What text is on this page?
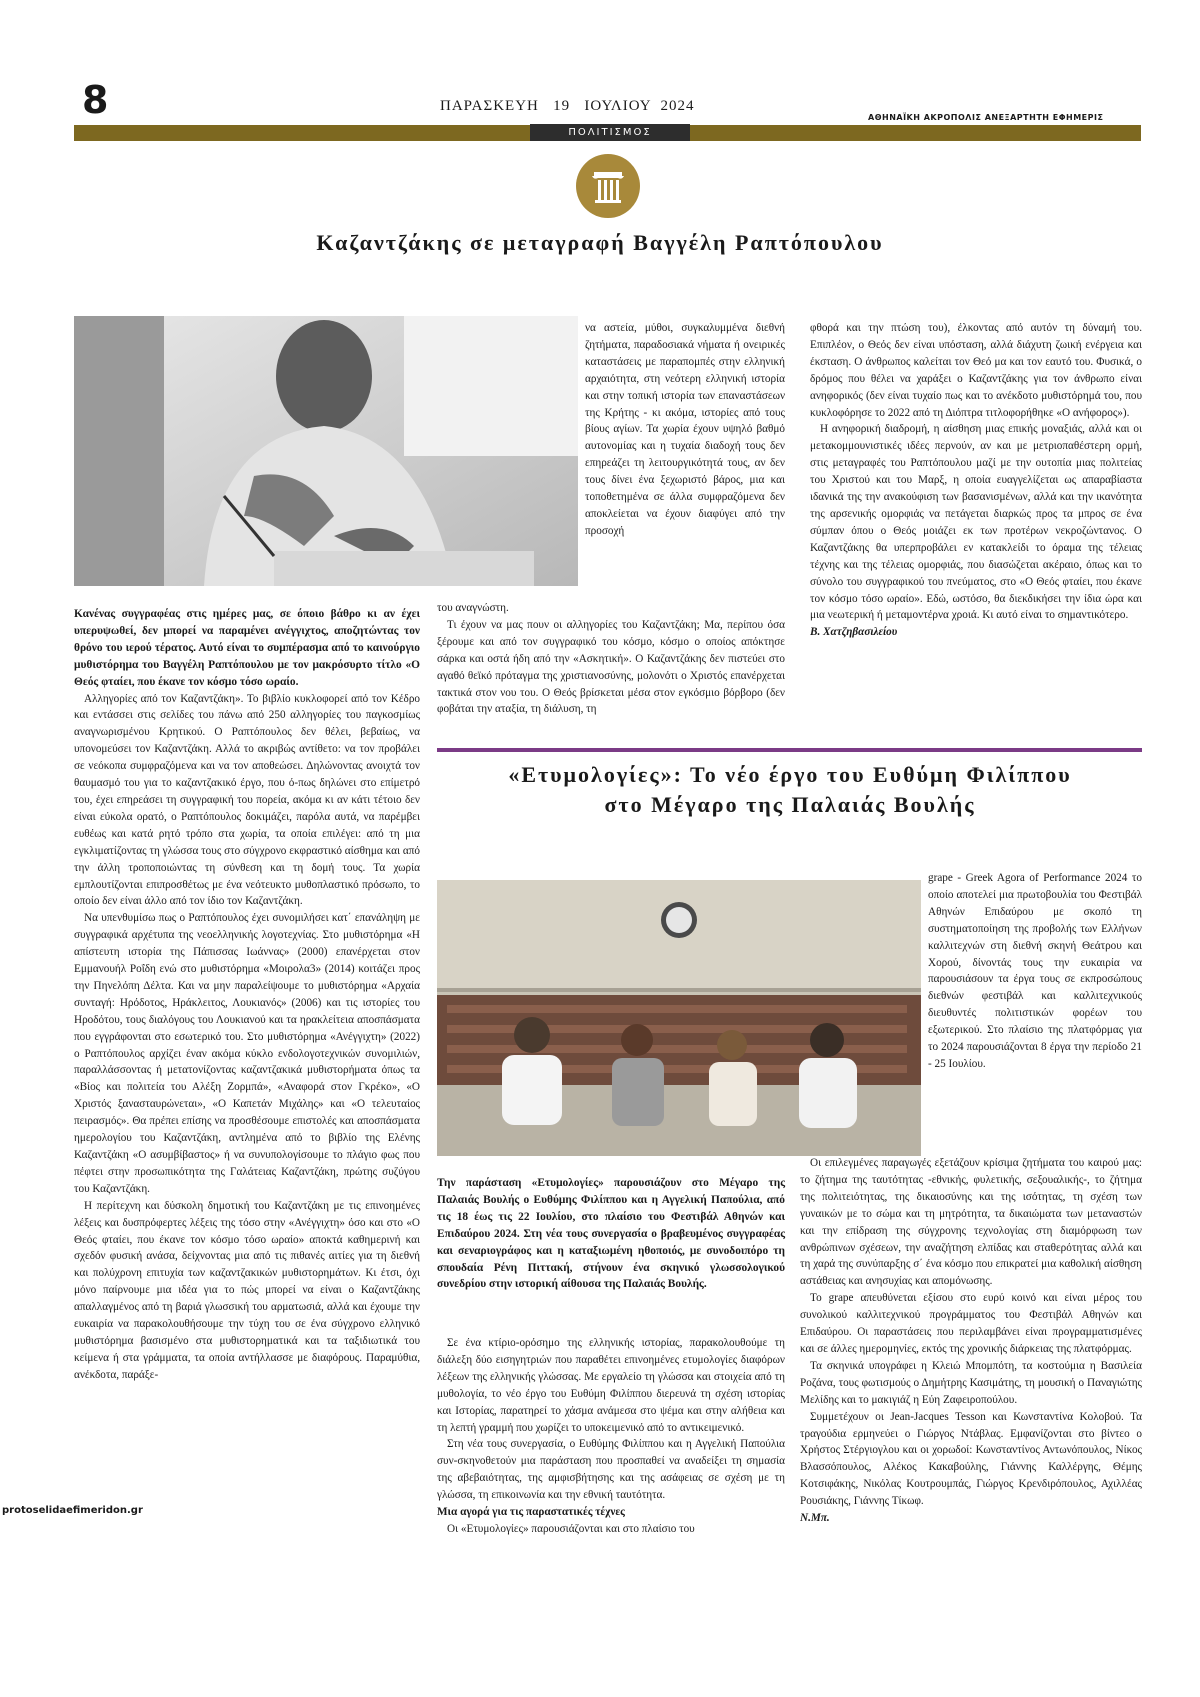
8	ΠΑΡΑΣΚΕΥΗ   19   ΙΟΥΛΙΟΥ  2024
ΑΘΗΝΑΪΚΗ ΑΚΡΟΠΟΛΙΣ ΑΝΕΞΑΡΤΗΤΗ ΕΦΗΜΕΡΙΣ
ΠΟΛΙΤΙΣΜΟΣ
Καζαντζάκης σε μεταγραφή Βαγγέλη Ραπτόπουλου
Κανένας συγγραφέας στις ημέρες μας, σε όποιο βάθρο κι αν έχει υπερυψωθεί, δεν μπορεί να παραμένει ανέγγιχτος, αποζητώντας τον θρόνο του ιερού τέρατος. Αυτό είναι το συμπέρασμα από το καινούργιο μυθιστόρημα του Βαγγέλη Ραπτόπουλου με τον μακρόσυρτο τίτλο «Ο Θεός φταίει, που έκανε τον κόσμο τόσο ωραίο.

Αλληγορίες από τον Καζαντζάκη». Το βιβλίο κυκλοφορεί από τον Κέδρο και εντάσσει στις σελίδες του πάνω από 250 αλληγορίες του παγκοσμίως αναγνωρισμένου Κρητικού. Ο Ραπτόπουλος δεν θέλει, βεβαίως, να υπονομεύσει τον Καζαντζάκη. Αλλά το ακριβώς αντίθετο: να τον προβάλει σε νεόκοπα συμφραζόμενα και να τον αποθεώσει. Δηλώνοντας ανοιχτά τον θαυμασμό του για το καζαντζακικό έργο, που ό-πως δηλώνει στο επίμετρό του, έχει επηρεάσει τη συγγραφική του πορεία, ακόμα κι αν κάτι τέτοιο δεν είναι εύκολα ορατό, ο Ραπτόπουλος δοκιμάζει, παρόλα αυτά, να παρέμβει ευθέως και κατά ρητό τρόπο στα χωρία, τα οποία επιλέγει: από τη μια εγκλιματίζοντας τη γλώσσα τους στο σύγχρονο εκφραστικό αίσθημα και από την άλλη τροποποιώντας τη σύνθεση και τη δομή τους. Τα χωρία εμπλουτίζονται επιπροσθέτως με ένα νεότευκτο μυθοπλαστικό πρόσωπο, το οποίο δεν είναι άλλο από τον ίδιο τον Καζαντζάκη.

Να υπενθυμίσω πως ο Ραπτόπουλος έχει συνομιλήσει κατ΄ επανάληψη με συγγραφικά αρχέτυπα της νεοελληνικής λογοτεχνίας. Στο μυθιστόρημα «Η απίστευτη ιστορία της Πάπισσας Ιωάννας» (2000) επανέρχεται στον Εμμανουήλ Ροΐδη ενώ στο μυθιστόρημα «Μοιρολα3» (2014) κοιτάζει προς την Πηνελόπη Δέλτα. Και να μην παραλείψουμε το μυθιστόρημα «Αρχαία συνταγή: Ηρόδοτος, Ηράκλειτος, Λουκιανός» (2006) και τις ιστορίες του Ηροδότου, τους διαλόγους του Λουκιανού και τα ηρακλείτεια αποσπάσματα που εγγράφονται στο εσωτερικό του. Στο μυθιστόρημα «Ανέγγιχτη» (2022) ο Ραπτόπουλος αρχίζει έναν ακόμα κύκλο ενδολογοτεχνικών συνομιλιών, παραλλάσσοντας ή μετατονίζοντας καζαντζακικά μυθιστορήματα όπως τα «Βίος και πολιτεία του Αλέξη Ζορμπά», «Αναφορά στον Γκρέκο», «Ο Χριστός ξανασταυρώνεται», «Ο Καπετάν Μιχάλης» και «Ο τελευταίος πειρασμός». Θα πρέπει επίσης να προσθέσουμε επιστολές και αποσπάσματα ημερολογίου του Καζαντζάκη, αντλημένα από το βιβλίο της Ελένης Καζαντζάκη «Ο ασυμβίβαστος» ή να συνυπολογίσουμε το πλάγιο φως που πέφτει στην προσωπικότητα της Γαλάτειας Καζαντζάκη, πρώτης συζύγου του Καζαντζάκη.

Η περίτεχνη και δύσκολη δημοτική του Καζαντζάκη με τις επινοημένες λέξεις και δυσπρόφερτες λέξεις της τόσο στην «Ανέγγιχτη» όσο και στο «Ο Θεός φταίει, που έκανε τον κόσμο τόσο ωραίο» αποκτά καθημερινή και σχεδόν φυσική ανάσα, δείχνοντας μια από τις πιθανές αιτίες για τη διεθνή και πολύχρονη επιτυχία των καζαντζακικών μυθιστορημάτων. Κι έτσι, όχι μόνο παίρνουμε μια ιδέα για το πώς μπορεί να είναι ο Καζαντζάκης απαλλαγμένος από τη βαριά γλωσσική του αρματωσιά, αλλά και έχουμε την ευκαιρία να παρακολουθήσουμε την τύχη του σε ένα σύγχρονο ελληνικό μυθιστόρημα βασισμένο στα μυθιστορηματικά και τα ταξιδιωτικά του κείμενα ή στα γράμματα, τα οποία αντήλλασσε με διαφόρους. Παραμύθια, ανέκδοτα, παράξε-

να αστεία, μύθοι, συγκαλυμμένα διεθνή ζητήματα, παραδοσιακά νήματα ή ονειρικές καταστάσεις με παραπομπές στην ελληνική αρχαιότητα, στη νεότερη ελληνική ιστορία και στην τοπική ιστορία των επαναστάσεων της Κρήτης - κι ακόμα, ιστορίες από τους βίους αγίων. Τα χωρία έχουν υψηλό βαθμό αυτονομίας και η τυχαία διαδοχή τους δεν επηρεάζει τη λειτουργικότητά τους, αν δεν τους δίνει ένα ξεχωριστό βάρος, μια και τοποθετημένα σε άλλα συμφραζόμενα δεν αποκλείεται να έχουν διαφύγει από την προσοχή

του αναγνώστη.

Τι έχουν να μας πουν οι αλληγορίες του Καζαντζάκη; Μα, περίπου όσα ξέρουμε και από τον συγγραφικό του κόσμο, κόσμο ο οποίος απόκτησε σάρκα και οστά ήδη από την «Ασκητική». Ο Καζαντζάκης δεν πιστεύει στο αγαθό θεϊκό πρόταγμα της χριστιανοσύνης, μολονότι ο Χριστός επανέρχεται τακτικά στον νου του. Ο Θεός βρίσκεται μέσα στον εγκόσμιο βόρβορο (δεν φοβάται την αταξία, τη διάλυση, τη

φθορά και την πτώση του), έλκοντας από αυτόν τη δύναμή του. Επιπλέον, ο Θεός δεν είναι υπόσταση, αλλά διάχυτη ζωική ενέργεια και έκσταση. Ο άνθρωπος καλείται τον Θεό μα και τον εαυτό του. Φυσικά, ο δρόμος που θέλει να χαράξει ο Καζαντζάκης για τον άνθρωπο είναι ανηφορικός (δεν είναι τυχαίο πως και το ανέκδοτο μυθιστόρημά του, που κυκλοφόρησε το 2022 από τη Διόπτρα τιτλοφορήθηκε «Ο ανήφορος»).

Η ανηφορική διαδρομή, η αίσθηση μιας επικής μοναξιάς, αλλά και οι μετακομμουνιστικές ιδέες περνούν, αν και με μετριοπαθέστερη ορμή, στις μεταγραφές του Ραπτόπουλου μαζί με την ουτοπία μιας πολιτείας του Χριστού και του Μαρξ, η οποία ευαγγελίζεται ως απαραβίαστα ιδανικά της την ανακούφιση των βασανισμένων, αλλά και την ικανότητα της αρσενικής ομορφιάς να πετάγεται διαρκώς προς τα μπρος σε ένα σύμπαν όπου ο Θεός μοιάζει εκ των προτέρων νεκροζώντανος. Ο Καζαντζάκης θα υπερπροβάλει εν κατακλείδι το όραμα της τέλειας τέχνης και της τέλειας ομορφιάς, που διασώζεται ακέραιο, όπως και το σύνολο του συγγραφικού του πνεύματος, στο «Ο Θεός φταίει, που έκανε τον κόσμο τόσο ωραίο». Εδώ, ωστόσο, θα διεκδικήσει την ίδια ώρα και μια νεωτερική ή μεταμοντέρνα χροιά. Κι αυτό είναι το σημαντικότερο.

Β. Χατζηβασιλείου

«Ετυμολογίες»: Το νέο έργο του Ευθύμη Φιλίππου
στο Μέγαρο της Παλαιάς Βουλής
Την παράσταση «Ετυμολογίες» παρουσιάζουν στο Μέγαρο της Παλαιάς Βουλής ο Ευθύμης Φιλίππου και η Αγγελική Παπούλια, από τις 18 έως τις 22 Ιουλίου, στο πλαίσιο του Φεστιβάλ Αθηνών και Επιδαύρου 2024. Στη νέα τους συνεργασία ο βραβευμένος συγγραφέας και σεναριογράφος και η καταξιωμένη ηθοποιός, με συνοδοιπόρο τη σπουδαία Ρένη Πιττακή, στήνουν ένα σκηνικό γλωσσολογικού συνεδρίου στην ιστορική αίθουσα της Παλαιάς Βουλής.

Σε ένα κτίριο-ορόσημο της ελληνικής ιστορίας, παρακολουθούμε τη διάλεξη δύο εισηγητριών που παραθέτει επινοημένες ετυμολογίες διαφόρων λέξεων της ελληνικής γλώσσας. Με εργαλείο τη γλώσσα και στοιχεία από τη μυθολογία, το νέο έργο του Ευθύμη Φιλίππου διερευνά τη σχέση ιστορίας και Ιστορίας, παρατηρεί το χάσμα ανάμεσα στο ψέμα και στην αλήθεια και τη λεπτή γραμμή που χωρίζει το υποκειμενικό από το αντικειμενικό.

Στη νέα τους συνεργασία, ο Ευθύμης Φιλίππου και η Αγγελική Παπούλια συν-σκηνοθετούν μια παράσταση που προσπαθεί να αναδείξει τη σημασία της αβεβαιότητας, της αμφισβήτησης και της ασάφειας σε σχέση με τη γλώσσα, τη επικοινωνία και την εθνική ταυτότητα.

Μια αγορά για τις παραστατικές τέχνες

Οι «Ετυμολογίες» παρουσιάζονται και στο πλαίσιο του

grape - Greek Agora of Performance 2024 το οποίο αποτελεί μια πρωτοβουλία του Φεστιβάλ Αθηνών Επιδαύρου με σκοπό τη συστηματοποίηση της προβολής των Ελλήνων καλλιτεχνών στη διεθνή σκηνή Θεάτρου και Χορού, δίνοντάς τους την ευκαιρία να παρουσιάσουν τα έργα τους σε εκπροσώπους διεθνών φεστιβάλ και καλλιτεχνικούς διευθυντές πολιτιστικών φορέων του εξωτερικού. Στο πλαίσιο της πλατφόρμας για το 2024 παρουσιάζονται 8 έργα την περίοδο 21 - 25 Ιουλίου.

Οι επιλεγμένες παραγωγές εξετάζουν κρίσιμα ζητήματα του καιρού μας: το ζήτημα της ταυτότητας -εθνικής, φυλετικής, σεξουαλικής-, το ζήτημα της πολιτειότητας, της δικαιοσύνης και της ισότητας, τη σχέση των γυναικών με το σώμα και τη μητρότητα, τα δικαιώματα των μεταναστών και την επίδραση της σύγχρονης τεχνολογίας στη διαμόρφωση των ανθρώπινων σχέσεων, την αναζήτηση ελπίδας και σταθερότητας αλλά και τη χαρά της συνύπαρξης σ΄ ένα κόσμο που επικρατεί μια καθολική αίσθηση αστάθειας και ανησυχίας και απομόνωσης.

Το grape απευθύνεται εξίσου στο ευρύ κοινό και είναι μέρος του συνολικού καλλιτεχνικού προγράμματος του Φεστιβάλ Αθηνών και Επιδαύρου. Οι παραστάσεις που περιλαμβάνει είναι προγραμματισμένες και σε άλλες ημερομηνίες, εκτός της χρονικής διάρκειας της πλατφόρμας.

Τα σκηνικά υπογράφει η Κλειώ Μπομπότη, τα κοστούμια η Βασιλεία Ροζάνα, τους φωτισμούς ο Δημήτρης Κασιμάτης, τη μουσική ο Παναγιώτης Μελίδης και το μακιγιάζ η Εύη Ζαφειροπούλου.

Συμμετέχουν οι Jean-Jacques Tesson και Κωνσταντίνα Κολοβού. Τα τραγούδια ερμηνεύει ο Γιώργος Ντάβλας. Εμφανίζονται στο βίντεο ο Χρήστος Στέργιογλου και οι χορωδοί: Κωνσταντίνος Αντωνόπουλος, Νίκος Βλασσόπουλος, Αλέκος Κακαβούλης, Γιάννης Καλλέργης, Θέμης Κοτσιφάκης, Νικόλας Κουτρουμπάς, Γιώργος Κρενδιρόπουλος, Αχιλλέας Ρουσιάκης, Γιάννης Τίκωφ.

Ν.Μπ.

protoselidaefimeridon.gr
